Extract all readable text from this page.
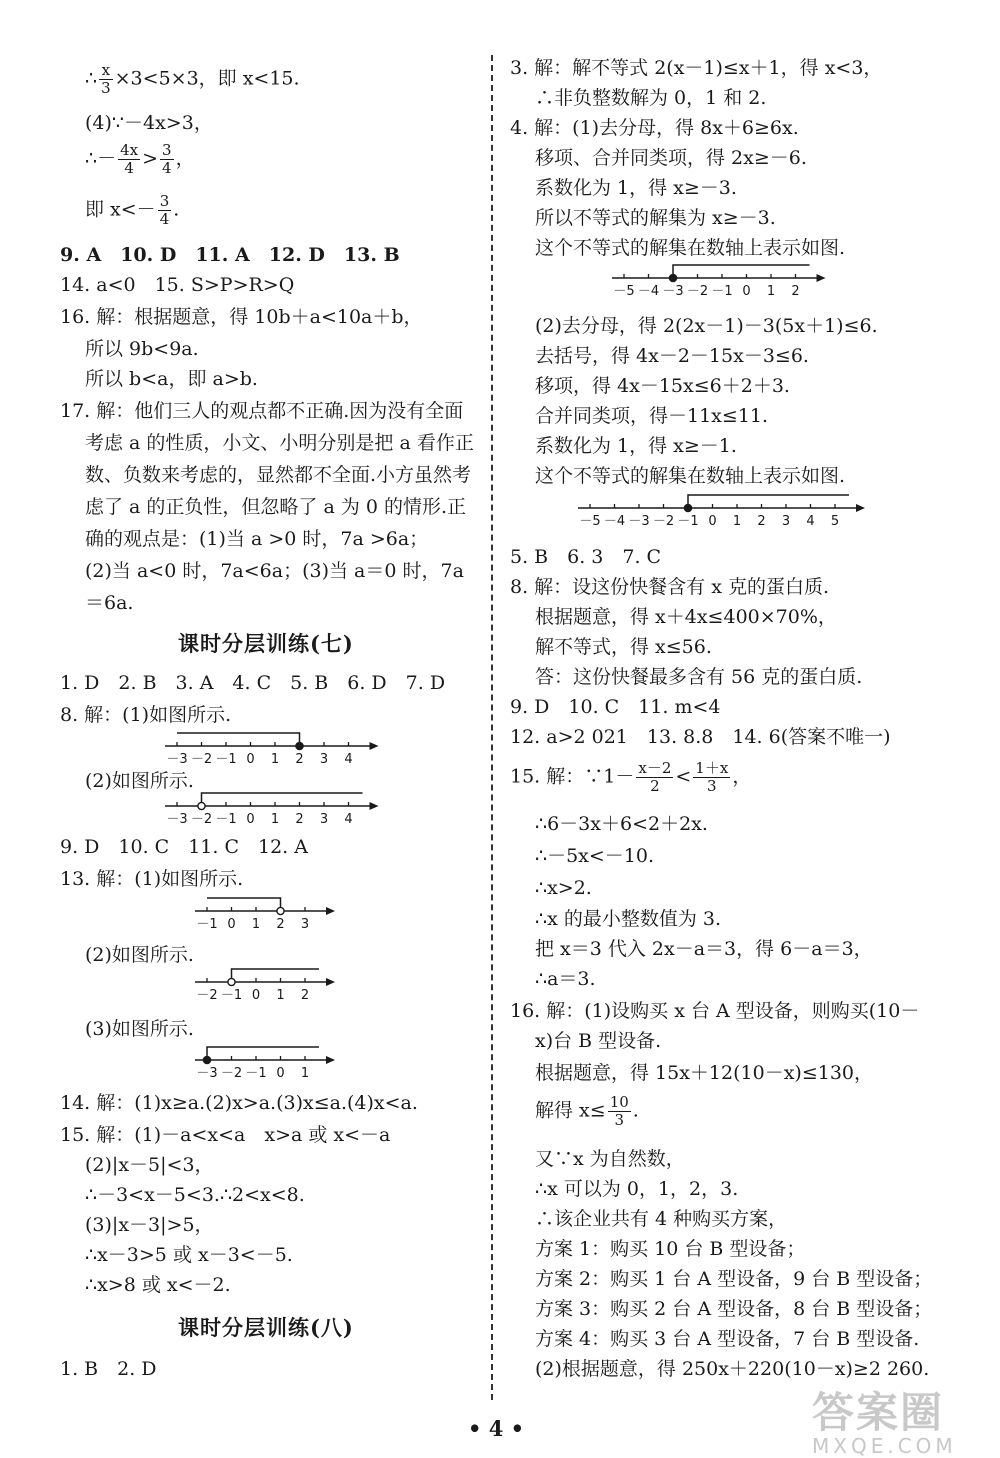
∴ $\frac{x}{3} \times 3<5\times 3$，即 x<15.
(4)∵－4x>3，
∴－ $\frac{4x}{4} > \frac{3}{4}$ ，
即 $x<- \frac{3}{4}$ .
9. A　10. D　11. A　12. D　13. B
14. a<0　15. S>P>R>Q
16. 解：根据题意，得 10b＋a<10a＋b，
所以 9b<9a.
所以 b<a，即 a>b.
17. 解：他们三人的观点都不正确.因为没有全面
考虑 a 的性质，小文、小明分别是把 a 看作正
数、负数来考虑的，显然都不全面.小方虽然考
虑了 a 的正负性，但忽略了 a 为 0 的情形.正
确的观点是：(1)当 a >0 时，7a >6a；
(2)当 a<0 时，7a<6a；(3)当 a＝0 时，7a
＝6a.
课时分层训练(七)
1. D　2. B　3. A　4. C　5. B　6. D　7. D
8. 解：(1)如图所示.
－3 －2 －1 0 1 2 3 4
(2)如图所示.
－3 －2 －1 0 1 2 3 4
9. D　10. C　11. C　12. A
13. 解：(1)如图所示.
－1 0 1 2 3
(2)如图所示.
－2 －1 0 1 2
(3)如图所示.
－3 －2 －1 0 1
14. 解：(1)x≥a.(2)x>a.(3)x≤a.(4)x<a.
15. 解：(1)－a<x<a　x>a 或 x<－a
(2)|x－5|<3，
∴－3<x－5<3.∴2<x<8.
(3)|x－3|>5，
∴x－3>5 或 x－3<－5.
∴x>8 或 x<－2.
课时分层训练(八)
1. B　2. D
3. 解：解不等式 2(x－1)≤x＋1，得 x<3，
∴非负整数解为 0，1 和 2.
4. 解：(1)去分母，得 8x＋6≥6x.
移项、合并同类项，得 2x≥－6.
系数化为 1，得 x≥－3.
所以不等式的解集为 x≥－3.
这个不等式的解集在数轴上表示如图.
－5 －4 －3 －2 －1 0 1 2
(2)去分母，得 2(2x－1)－3(5x＋1)≤6.
去括号，得 4x－2－15x－3≤6.
移项，得 4x－15x≤6＋2＋3.
合并同类项，得－11x≤11.
系数化为 1，得 x≥－1.
这个不等式的解集在数轴上表示如图.
－5 －4 －3 －2 －1 0 1 2 3 4 5
5. B　6. 3　7. C
8. 解：设这份快餐含有 x 克的蛋白质.
根据题意，得 x＋4x≤400×70%，
解不等式，得 x≤56.
答：这份快餐最多含有 56 克的蛋白质.
9. D　10. C　11. m<4
12. a>2 021　13. 8.8　14. 6(答案不唯一)
15. 解：∵1－ $\frac{x-2}{2} < \frac{1+x}{3}$ ，
∴6－3x＋6<2＋2x.
∴－5x<－10.
∴x>2.
∴x 的最小整数值为 3.
把 x＝3 代入 2x－a＝3，得 6－a＝3，
∴a＝3.
16. 解：(1)设购买 x 台 A 型设备，则购买(10－
x)台 B 型设备.
根据题意，得 15x＋12(10－x)≤130，
解得 $x\le \frac{10}{3}$ .
又∵x 为自然数，
∴x 可以为 0，1，2，3.
∴该企业共有 4 种购买方案，
方案 1：购买 10 台 B 型设备；
方案 2：购买 1 台 A 型设备，9 台 B 型设备；
方案 3：购买 2 台 A 型设备，8 台 B 型设备；
方案 4：购买 3 台 A 型设备，7 台 B 型设备.
(2)根据题意，得 250x＋220(10－x)≥2 260.
• 4 •	答案圈
MXQE.COM
